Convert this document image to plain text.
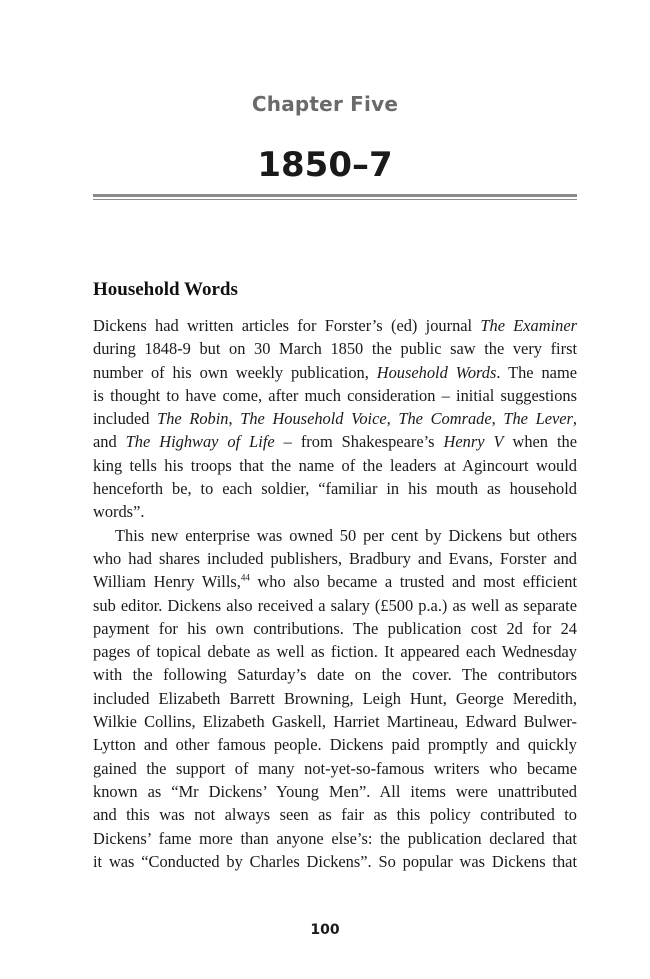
Chapter Five
1850–7
Household Words
Dickens had written articles for Forster’s (ed) journal The Examiner
during 1848-9 but on 30 March 1850 the public saw the very first
number of his own weekly publication, Household Words. The name
is thought to have come, after much consideration – initial suggestions
included The Robin, The Household Voice, The Comrade, The Lever,
and The Highway of Life – from Shakespeare’s Henry V when the
king tells his troops that the name of the leaders at Agincourt would
henceforth be, to each soldier, “familiar in his mouth as household
words”.
This new enterprise was owned 50 per cent by Dickens but others
who had shares included publishers, Bradbury and Evans, Forster and
William Henry Wills,$^{44}$ who also became a trusted and most efficient
sub editor. Dickens also received a salary (£500 p.a.) as well as separate
payment for his own contributions. The publication cost 2d for 24
pages of topical debate as well as fiction. It appeared each Wednesday
with the following Saturday’s date on the cover. The contributors
included Elizabeth Barrett Browning, Leigh Hunt, George Meredith,
Wilkie Collins, Elizabeth Gaskell, Harriet Martineau, Edward Bulwer-
Lytton and other famous people. Dickens paid promptly and quickly
gained the support of many not-yet-so-famous writers who became
known as “Mr Dickens’ Young Men”. All items were unattributed
and this was not always seen as fair as this policy contributed to
Dickens’ fame more than anyone else’s: the publication declared that
it was “Conducted by Charles Dickens”. So popular was Dickens that
100
